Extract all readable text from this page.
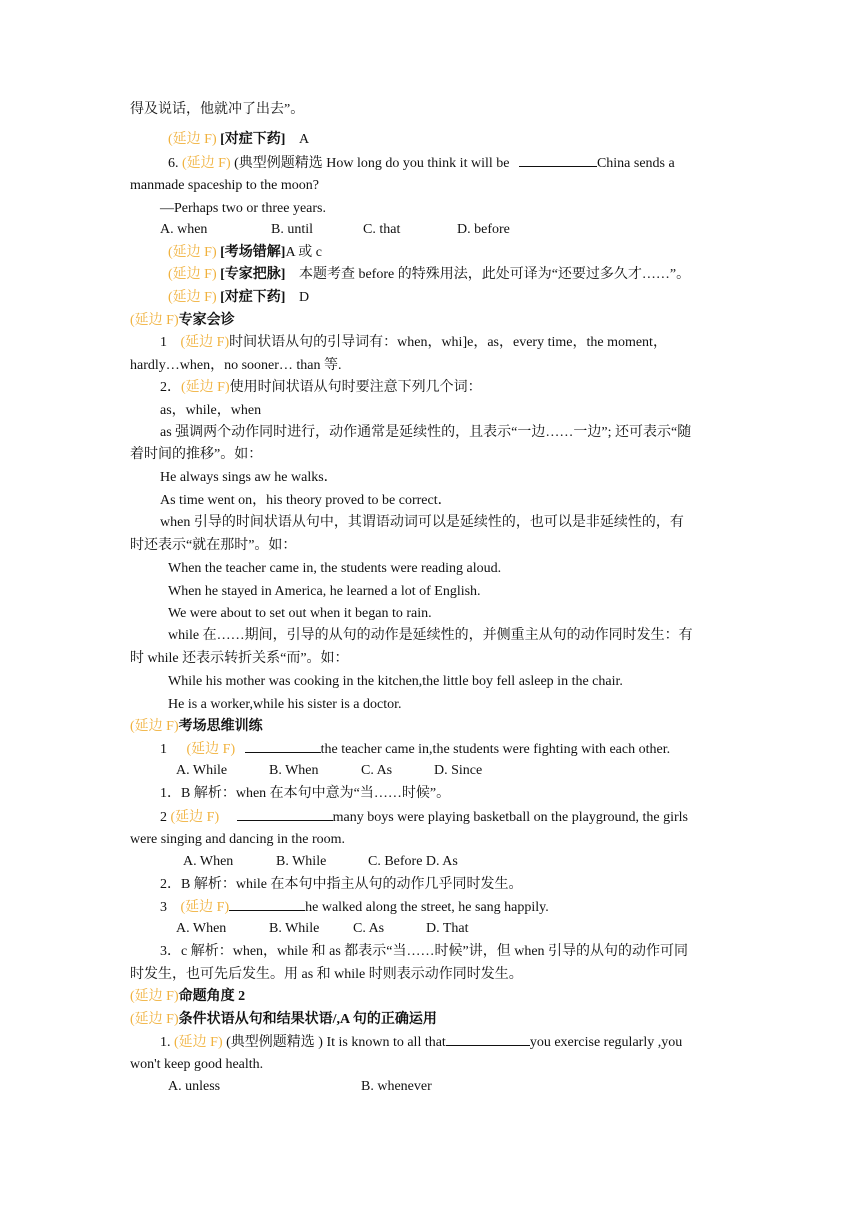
得及说话，他就冲了出去”。
(延边 F) [对症下药] A
6. (延边 F) (典型例题精选 How long do you think it will be	China sends a
manmade spaceship to the moon?
—Perhaps two or three years.
A. when	B. until	C. that	D. before
(延边 F) [考场错解]A 或 c
(延边 F) [专家把脉] 本题考查 before 的特殊用法，此处可译为“还要过多久才……”。
(延边 F) [对症下药] D
(延边 F)专家会诊
1 (延边 F)时间状语从句的引导词有：when，whi]e，as，every time，the moment，
hardly…when，no sooner… than 等.
2．(延边 F)使用时间状语从句时要注意下列几个词：
as，while，when
as 强调两个动作同时进行，动作通常是延续性的，且表示“一边……一边”; 还可表示“随
着时间的推移”。如：
He always sings aw he walks．
As time went on，his theory proved to be correct．
when 引导的时间状语从句中，其谓语动词可以是延续性的，也可以是非延续性的，有
时还表示“就在那时”。如：
When the teacher came in, the students were reading aloud.
When he stayed in America, he learned a lot of English.
We were about to set out when it began to rain.
while 在……期间，引导的从句的动作是延续性的，并侧重主从句的动作同时发生：有
时 while 还表示转折关系“而”。如：
While his mother was cooking in the kitchen,the little boy fell asleep in the chair.
He is a worker,while his sister is a doctor.
(延边 F)考场思维训练
1 (延边 F)	the teacher came in,the students were fighting with each other.
A. While	B. When	C. As	D. Since
1．B 解析：when 在本句中意为“当……时候”。
2 (延边 F)	many boys were playing basketball on the playground, the girls
were singing and dancing in the room.
A. When	B. While	C. Before D. As
2．B 解析：while 在本句中指主从句的动作几乎同时发生。
3 (延边 F)	he walked along the street, he sang happily.
A. When	B. While C. As	D. That
3．c 解析：when，while 和 as 都表示“当……时候”讲，但 when 引导的从句的动作可同
时发生，也可先后发生。用 as 和 while 时则表示动作同时发生。
(延边 F)命题角度 2
(延边 F)条件状语从句和结果状语/,A 句的正确运用
1. (延边 F) (典型例题精选 ) It is known to all that	you exercise regularly ,you
won't keep good health.
A. unless	B. whenever
